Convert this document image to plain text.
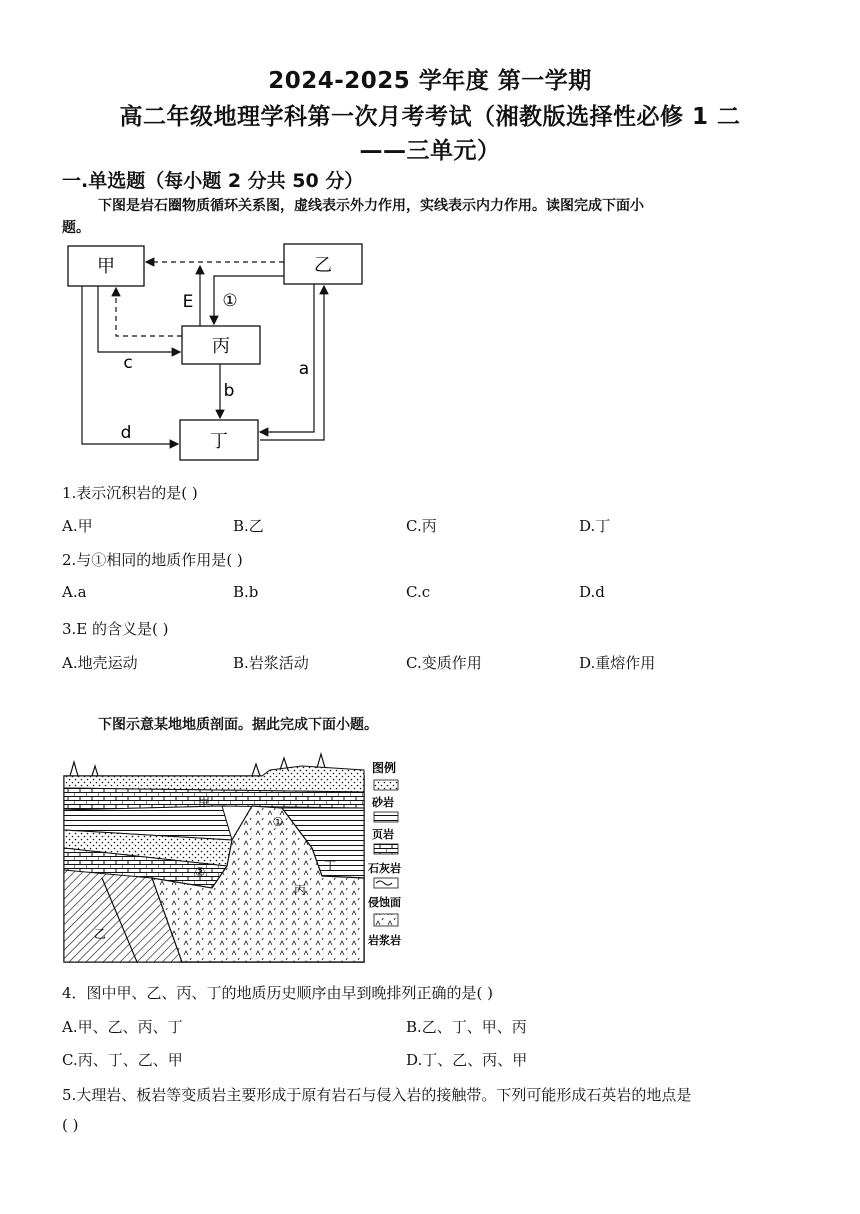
2024-2025 学年度 第一学期
高二年级地理学科第一次月考考试（湘教版选择性必修 1 二
——三单元）
一.单选题（每小题 2 分共 50 分）
下图是岩石圈物质循环关系图，虚线表示外力作用，实线表示内力作用。读图完成下面小
题。
甲	乙
丙
丁
E ①
c
b
d
a
1.表示沉积岩的是( )
A.甲	B.乙	C.丙	D.丁
2.与①相同的地质作用是( )
A.a	B.b	C.c	D.d
3.E 的含义是( )
A.地壳运动	B.岩浆活动	C.变质作用	D.重熔作用
下图示意某地地质剖面。据此完成下面小题。
甲
①
②	丁
丙
乙
图例
砂岩
页岩
石灰岩
侵蚀面
岩浆岩
4．图中甲、乙、丙、丁的地质历史顺序由早到晚排列正确的是( )
A.甲、乙、丙、丁	B.乙、丁、甲、丙
C.丙、丁、乙、甲	D.丁、乙、丙、甲
5.大理岩、板岩等变质岩主要形成于原有岩石与侵入岩的接触带。下列可能形成石英岩的地点是
( )
